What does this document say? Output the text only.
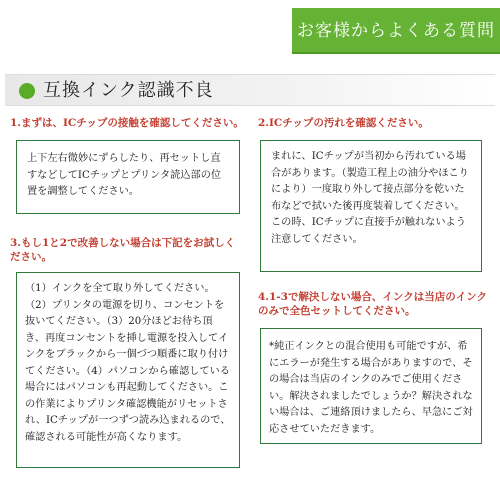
お客様からよくある質問
互換インク認識不良
1.まずは、ICチップの接触を確認してください。

上下左右微妙にずらしたり、再セットし直すなどしてICチップとプリンタ読込部の位置を調整してください。

2.ICチップの汚れを確認ください。

まれに、ICチップが当初から汚れている場合があります。（製造工程上の油分やほこりにより）一度取り外して接点部分を乾いた布などで拭いた後再度装着してください。この時、ICチップに直接手が触れないよう注意してください。

3.もし1と2で改善しない場合は下記をお試しください。

（1）インクを全て取り外してください。（2）プリンタの電源を切り、コンセントを抜いてください。（3）20分ほどお待ち頂き、再度コンセントを挿し電源を投入してインクをブラックから一個づつ順番に取り付けてください。（4）パソコンから確認している場合にはパソコンも再起動してください。この作業によりプリンタ確認機能がリセットされ、ICチップが一つずつ読み込まれるので、確認される可能性が高くなります。

4.1-3で解決しない場合、インクは当店のインクのみで全色セットしてください。

*純正インクとの混合使用も可能ですが、希にエラーが発生する場合がありますので、その場合は当店のインクのみでご使用ください。解決されましたでしょうか？解決されない場合は、ご連絡頂けましたら、早急にご対応させていただきます。
